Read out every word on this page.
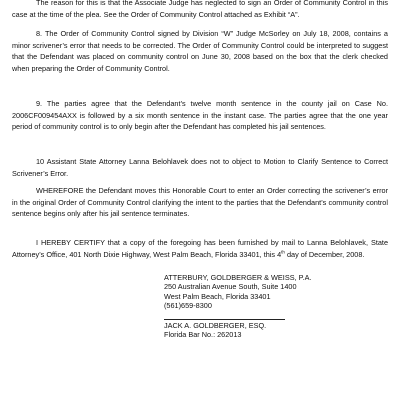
The reason for this is that the Associate Judge has neglected to sign an Order of Community Control in this case at the time of the plea. See the Order of Community Control attached as Exhibit “A”.

8. The Order of Community Control signed by Division “W” Judge McSorley on July 18, 2008, contains a minor scrivener’s error that needs to be corrected. The Order of Community Control could be interpreted to suggest that the Defendant was placed on community control on June 30, 2008 based on the box that the clerk checked when preparing the Order of Community Control.

9. The parties agree that the Defendant’s twelve month sentence in the county jail on Case No. 2006CF009454AXX is followed by a six month sentence in the instant case. The parties agree that the one year period of community control is to only begin after the Defendant has completed his jail sentences.

10 Assistant State Attorney Lanna Belohlavek does not to object to Motion to Clarify Sentence to Correct Scrivener’s Error.

WHEREFORE the Defendant moves this Honorable Court to enter an Order correcting the scrivener’s error in the original Order of Community Control clarifying the intent to the parties that the Defendant’s community control sentence begins only after his jail sentence terminates.

I HEREBY CERTIFY that a copy of the foregoing has been furnished by mail to Lanna Belohlavek, State Attorney’s Office, 401 North Dixie Highway, West Palm Beach, Florida 33401, this 4th day of December, 2008.

ATTERBURY, GOLDBERGER & WEISS, P.A.
250 Australian Avenue South, Suite 1400
West Palm Beach, Florida 33401
(561)659-8300
JACK A. GOLDBERGER, ESQ.
Florida Bar No.: 262013
